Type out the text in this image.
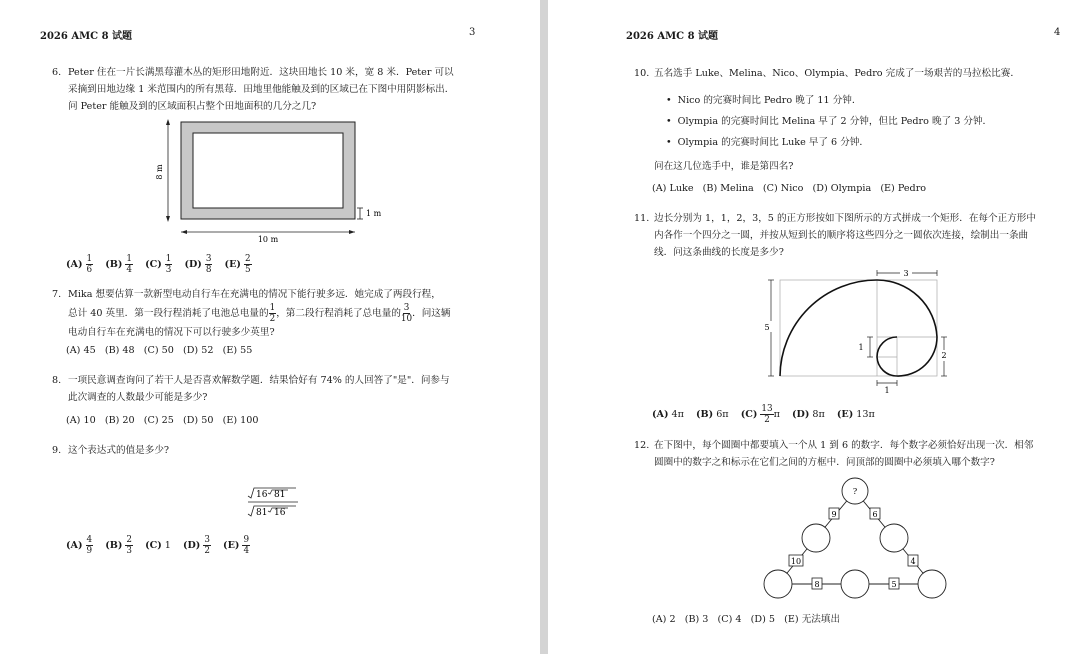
2026 AMC 8 试题	3
6. Peter 住在一片长满黑莓灌木丛的矩形田地附近．这块田地长 10 米，宽 8 米．Peter 可以
采摘到田地边缘 1 米范围内的所有黑莓．田地里他能触及到的区域已在下图中用阴影标出．
问 Peter 能触及到的区域面积占整个田地面积的几分之几?
8 m
10 m
1 m
$(A) \frac{1}{6} (B) \frac{1}{4} (C) \frac{1}{3} (D) \frac{3}{8} (E) \frac{2}{5}$
7. Mika 想要估算一款新型电动自行车在充满电的情况下能行驶多远．她完成了两段行程，
总计 40 英里．第一段行程消耗了电池总电量的 $\frac{1}{2}$ ，第二段行程消耗了总电量的 $\frac{3}{10}$ ．问这辆
电动自行车在充满电的情况下可以行驶多少英里?
(A) 45   (B) 48   (C) 50   (D) 52   (E) 55
8. 一项民意调查询问了若干人是否喜欢解数学题．结果恰好有 74% 的人回答了"是"．问参与
此次调查的人数最少可能是多少?
(A) 10   (B) 20   (C) 25   (D) 50   (E) 100
9. 这个表达式的值是多少?
16 81
81 16
$(A) \frac{4}{9} (B) \frac{2}{3} (C)$ 1 $(D) \frac{3}{2} (E) \frac{9}{4}$
2026 AMC 8 试题	4
10. 五名选手 Luke、Melina、Nico、Olympia、Pedro 完成了一场艰苦的马拉松比赛．
• Nico 的完赛时间比 Pedro 晚了 11 分钟．
• Olympia 的完赛时间比 Melina 早了 2 分钟，但比 Pedro 晚了 3 分钟．
• Olympia 的完赛时间比 Luke 早了 6 分钟．
问在这几位选手中，谁是第四名?
(A) Luke   (B) Melina   (C) Nico   (D) Olympia   (E) Pedro
11. 边长分别为 1，1，2，3，5 的正方形按如下图所示的方式拼成一个矩形．在每个正方形中
内各作一个四分之一圆，并按从短到长的顺序将这些四分之一圆依次连接，绘制出一条曲
线．问这条曲线的长度是多少?
3
5
1
2
1
(A) 4π (B) 6π $(C) \frac{13}{2}$ π (D) 8π (E) 13π
12. 在下图中，每个圆圈中都要填入一个从 1 到 6 的数字．每个数字必须恰好出现一次．相邻
圆圈中的数字之和标示在它们之间的方框中．问顶部的圆圈中必须填入哪个数字?
?
9	6
10	4
8	5
(A) 2   (B) 3   (C) 4   (D) 5   (E) 无法填出
